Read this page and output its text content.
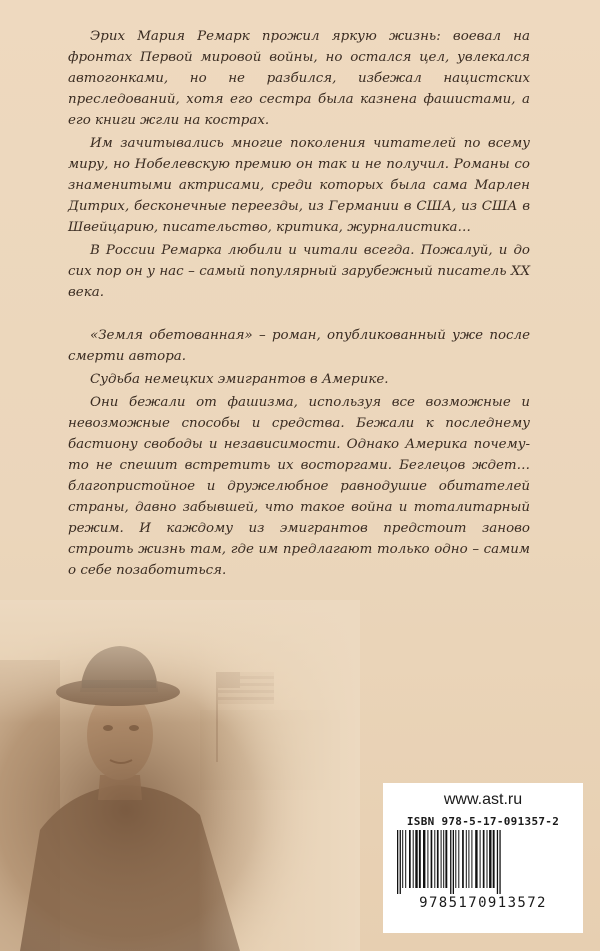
Эрих Мария Ремарк прожил яркую жизнь: воевал на фронтах Первой мировой войны, но остался цел, увлекался автогонками, но не разбился, избежал нацистских преследований, хотя его сестра была казнена фашистами, а его книги жгли на кострах.

Им зачитывались многие поколения читателей по всему миру, но Нобелевскую премию он так и не получил. Романы со знаменитыми актрисами, среди которых была сама Марлен Дитрих, бесконечные переезды, из Германии в США, из США в Швейцарию, писательство, критика, журналистика…

В России Ремарка любили и читали всегда. Пожалуй, и до сих пор он у нас – самый популярный зарубежный писатель XX века.

«Земля обетованная» – роман, опубликованный уже после смерти автора.

Судьба немецких эмигрантов в Америке.

Они бежали от фашизма, используя все возможные и невозможные способы и средства. Бежали к последнему бастиону свободы и независимости. Однако Америка почему-то не спешит встретить их восторгами. Беглецов ждет… благопристойное и дружелюбное равнодушие обитателей страны, давно забывшей, что такое война и тоталитарный режим. И каждому из эмигрантов предстоит заново строить жизнь там, где им предлагают только одно – самим о себе позаботиться.

www.ast.ru
ISBN 978-5-17-091357-2
9785170913572
